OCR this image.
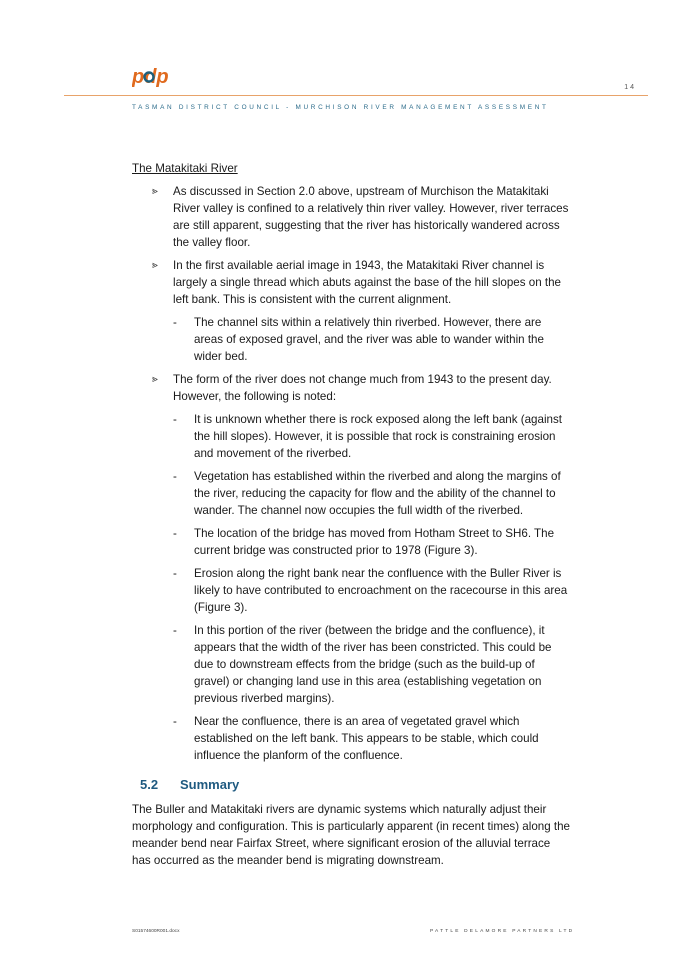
pdp	14
TASMAN DISTRICT COUNCIL - MURCHISON RIVER MANAGEMENT ASSESSMENT

The Matakitaki River

⪢ As discussed in Section 2.0 above, upstream of Murchison the Matakitaki River valley is confined to a relatively thin river valley. However, river terraces are still apparent, suggesting that the river has historically wandered across the valley floor.
⪢ In the first available aerial image in 1943, the Matakitaki River channel is largely a single thread which abuts against the base of the hill slopes on the left bank. This is consistent with the current alignment.
- The channel sits within a relatively thin riverbed. However, there are areas of exposed gravel, and the river was able to wander within the wider bed.
⪢ The form of the river does not change much from 1943 to the present day. However, the following is noted:
- It is unknown whether there is rock exposed along the left bank (against the hill slopes). However, it is possible that rock is constraining erosion and movement of the riverbed.
- Vegetation has established within the riverbed and along the margins of the river, reducing the capacity for flow and the ability of the channel to wander. The channel now occupies the full width of the riverbed.
- The location of the bridge has moved from Hotham Street to SH6. The current bridge was constructed prior to 1978 (Figure 3).
- Erosion along the right bank near the confluence with the Buller River is likely to have contributed to encroachment on the racecourse in this area (Figure 3).
- In this portion of the river (between the bridge and the confluence), it appears that the width of the river has been constricted. This could be due to downstream effects from the bridge (such as the build-up of gravel) or changing land use in this area (establishing vegetation on previous riverbed margins).
- Near the confluence, there is an area of vegetated gravel which established on the left bank. This appears to be stable, which could influence the planform of the confluence.
5.2 Summary

The Buller and Matakitaki rivers are dynamic systems which naturally adjust their morphology and configuration. This is particularly apparent (in recent times) along the meander bend near Fairfax Street, where significant erosion of the alluvial terrace has occurred as the meander bend is migrating downstream.

S01574600R001.docx	PATTLE DELAMORE PARTNERS LTD
